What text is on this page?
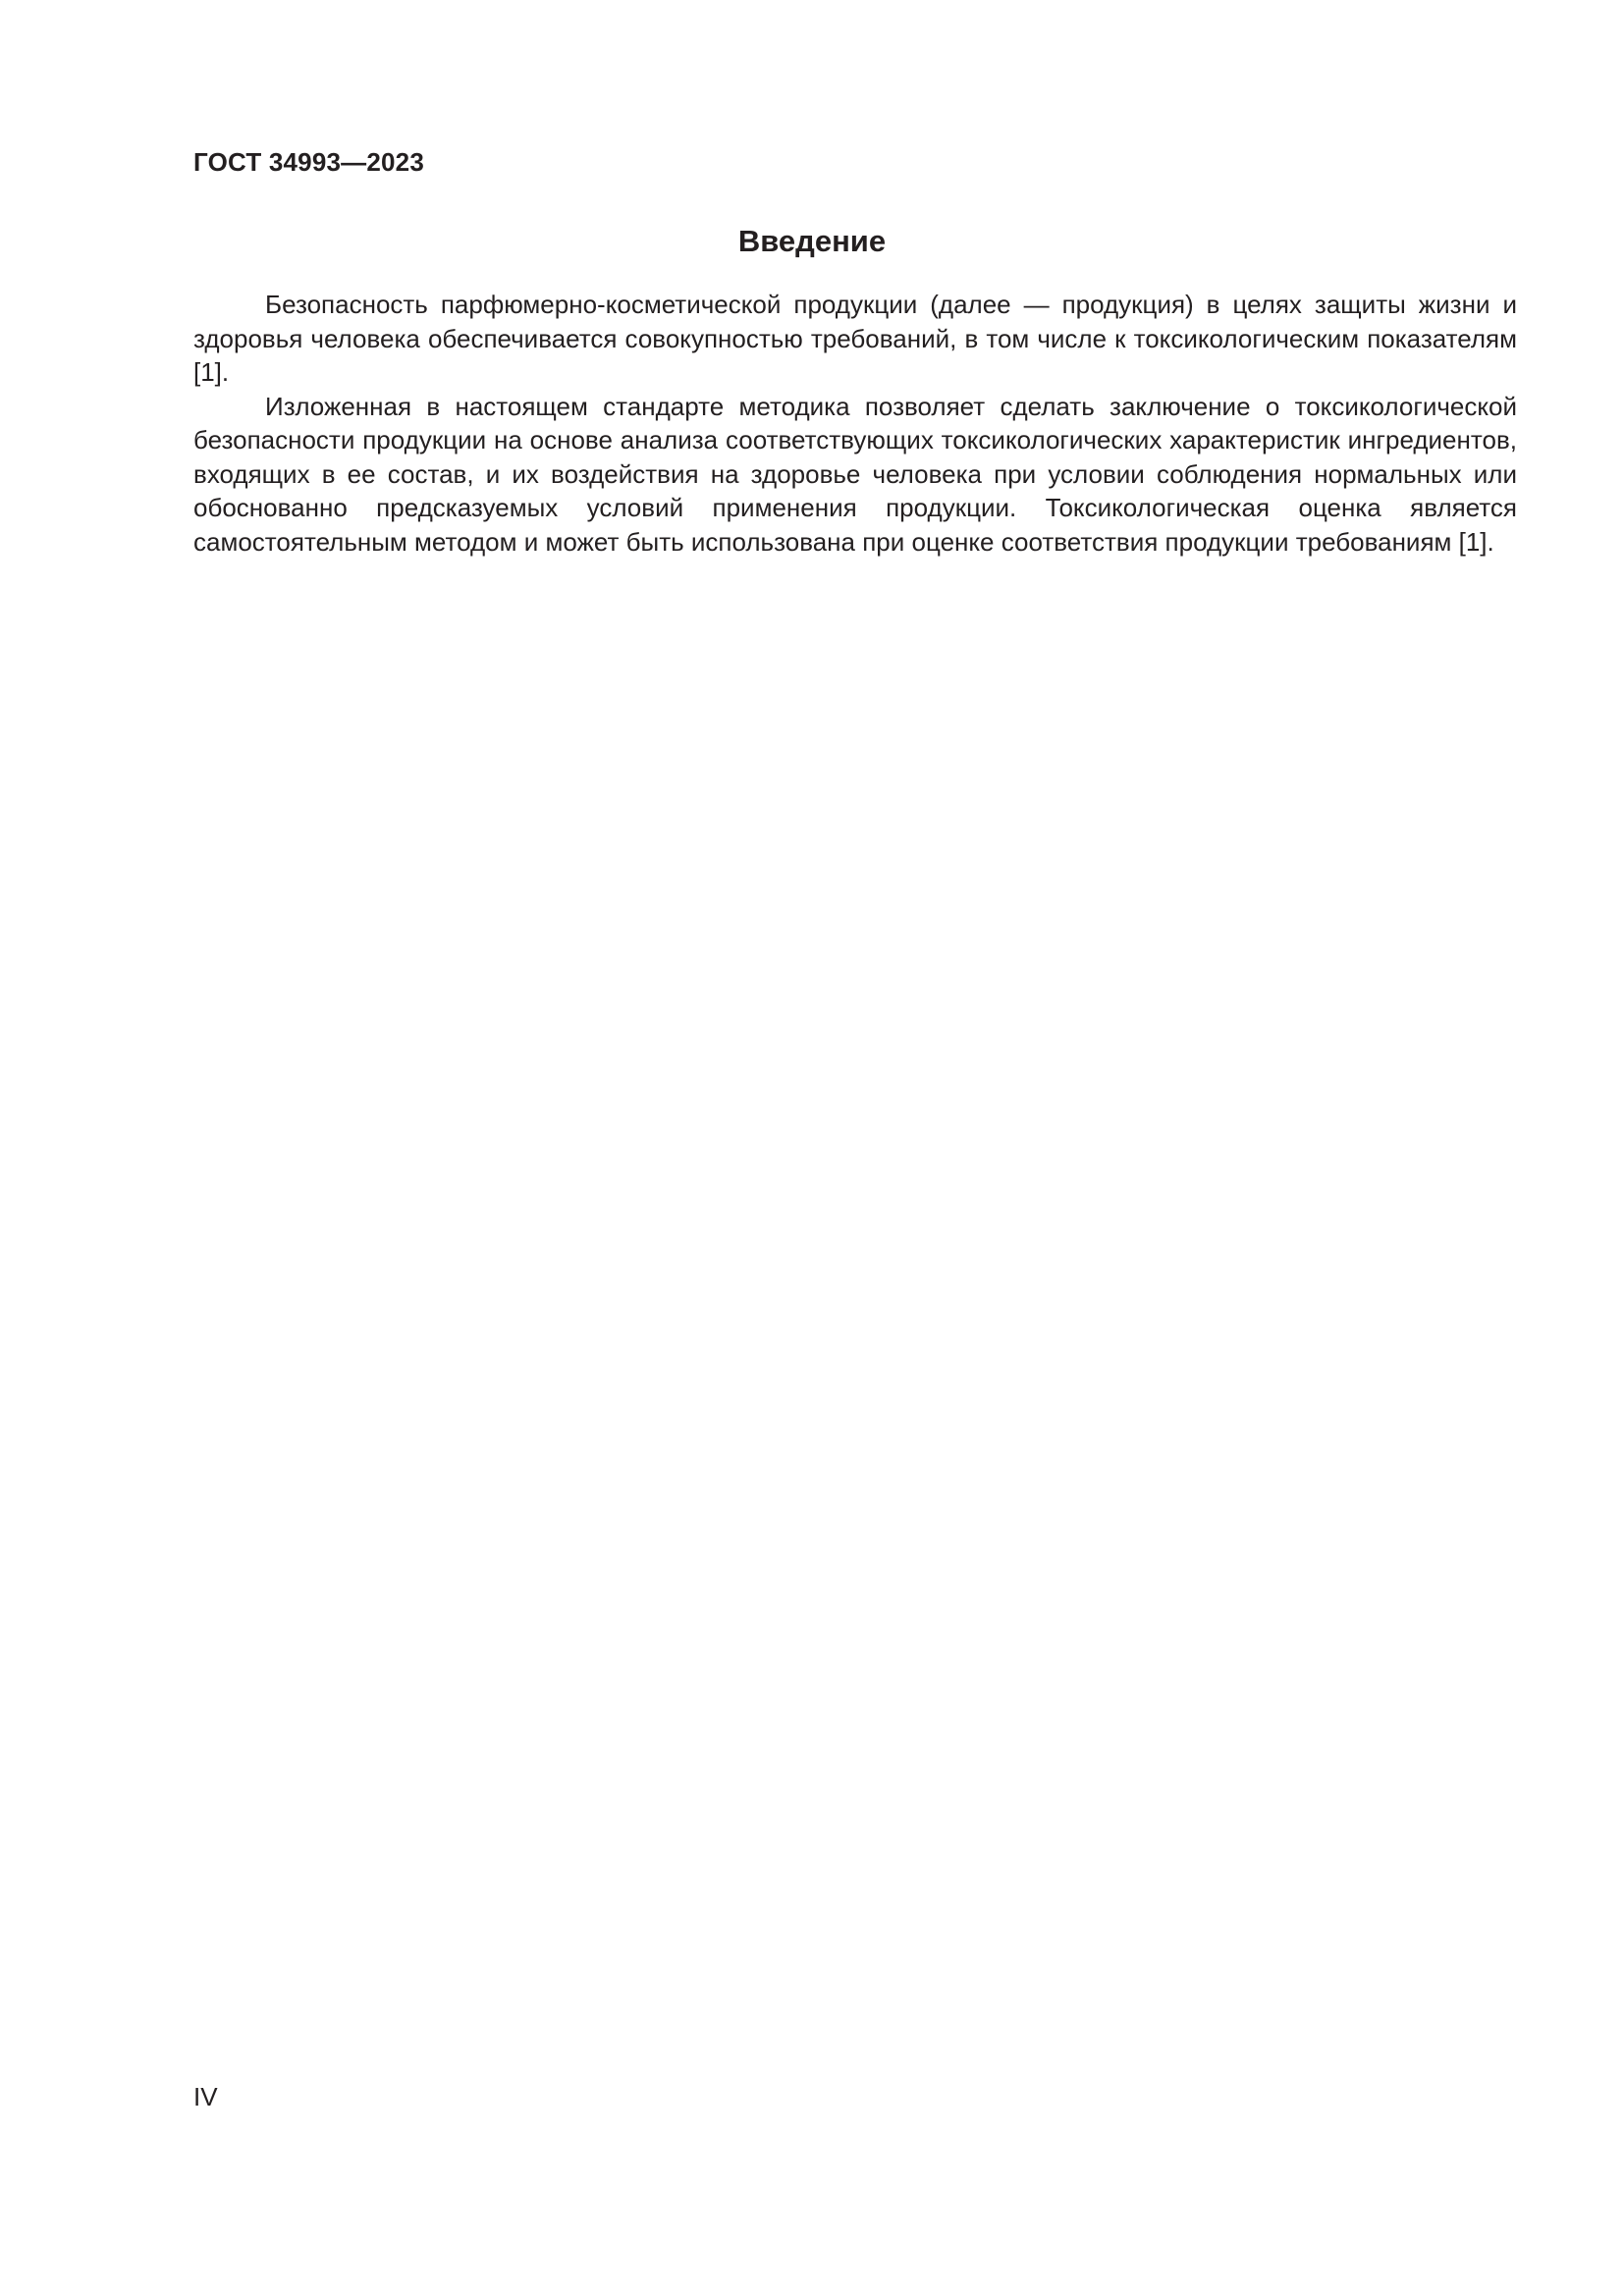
ГОСТ 34993—2023
Введение

Безопасность парфюмерно-косметической продукции (далее — продукция) в целях защиты жизни и здоровья человека обеспечивается совокупностью требований, в том числе к токсикологическим показателям [1].

Изложенная в настоящем стандарте методика позволяет сделать заключение о токсикологической безопасности продукции на основе анализа соответствующих токсикологических характеристик ингредиентов, входящих в ее состав, и их воздействия на здоровье человека при условии соблюдения нормальных или обоснованно предсказуемых условий применения продукции. Токсикологическая оценка является самостоятельным методом и может быть использована при оценке соответствия продукции требованиям [1].

IV
